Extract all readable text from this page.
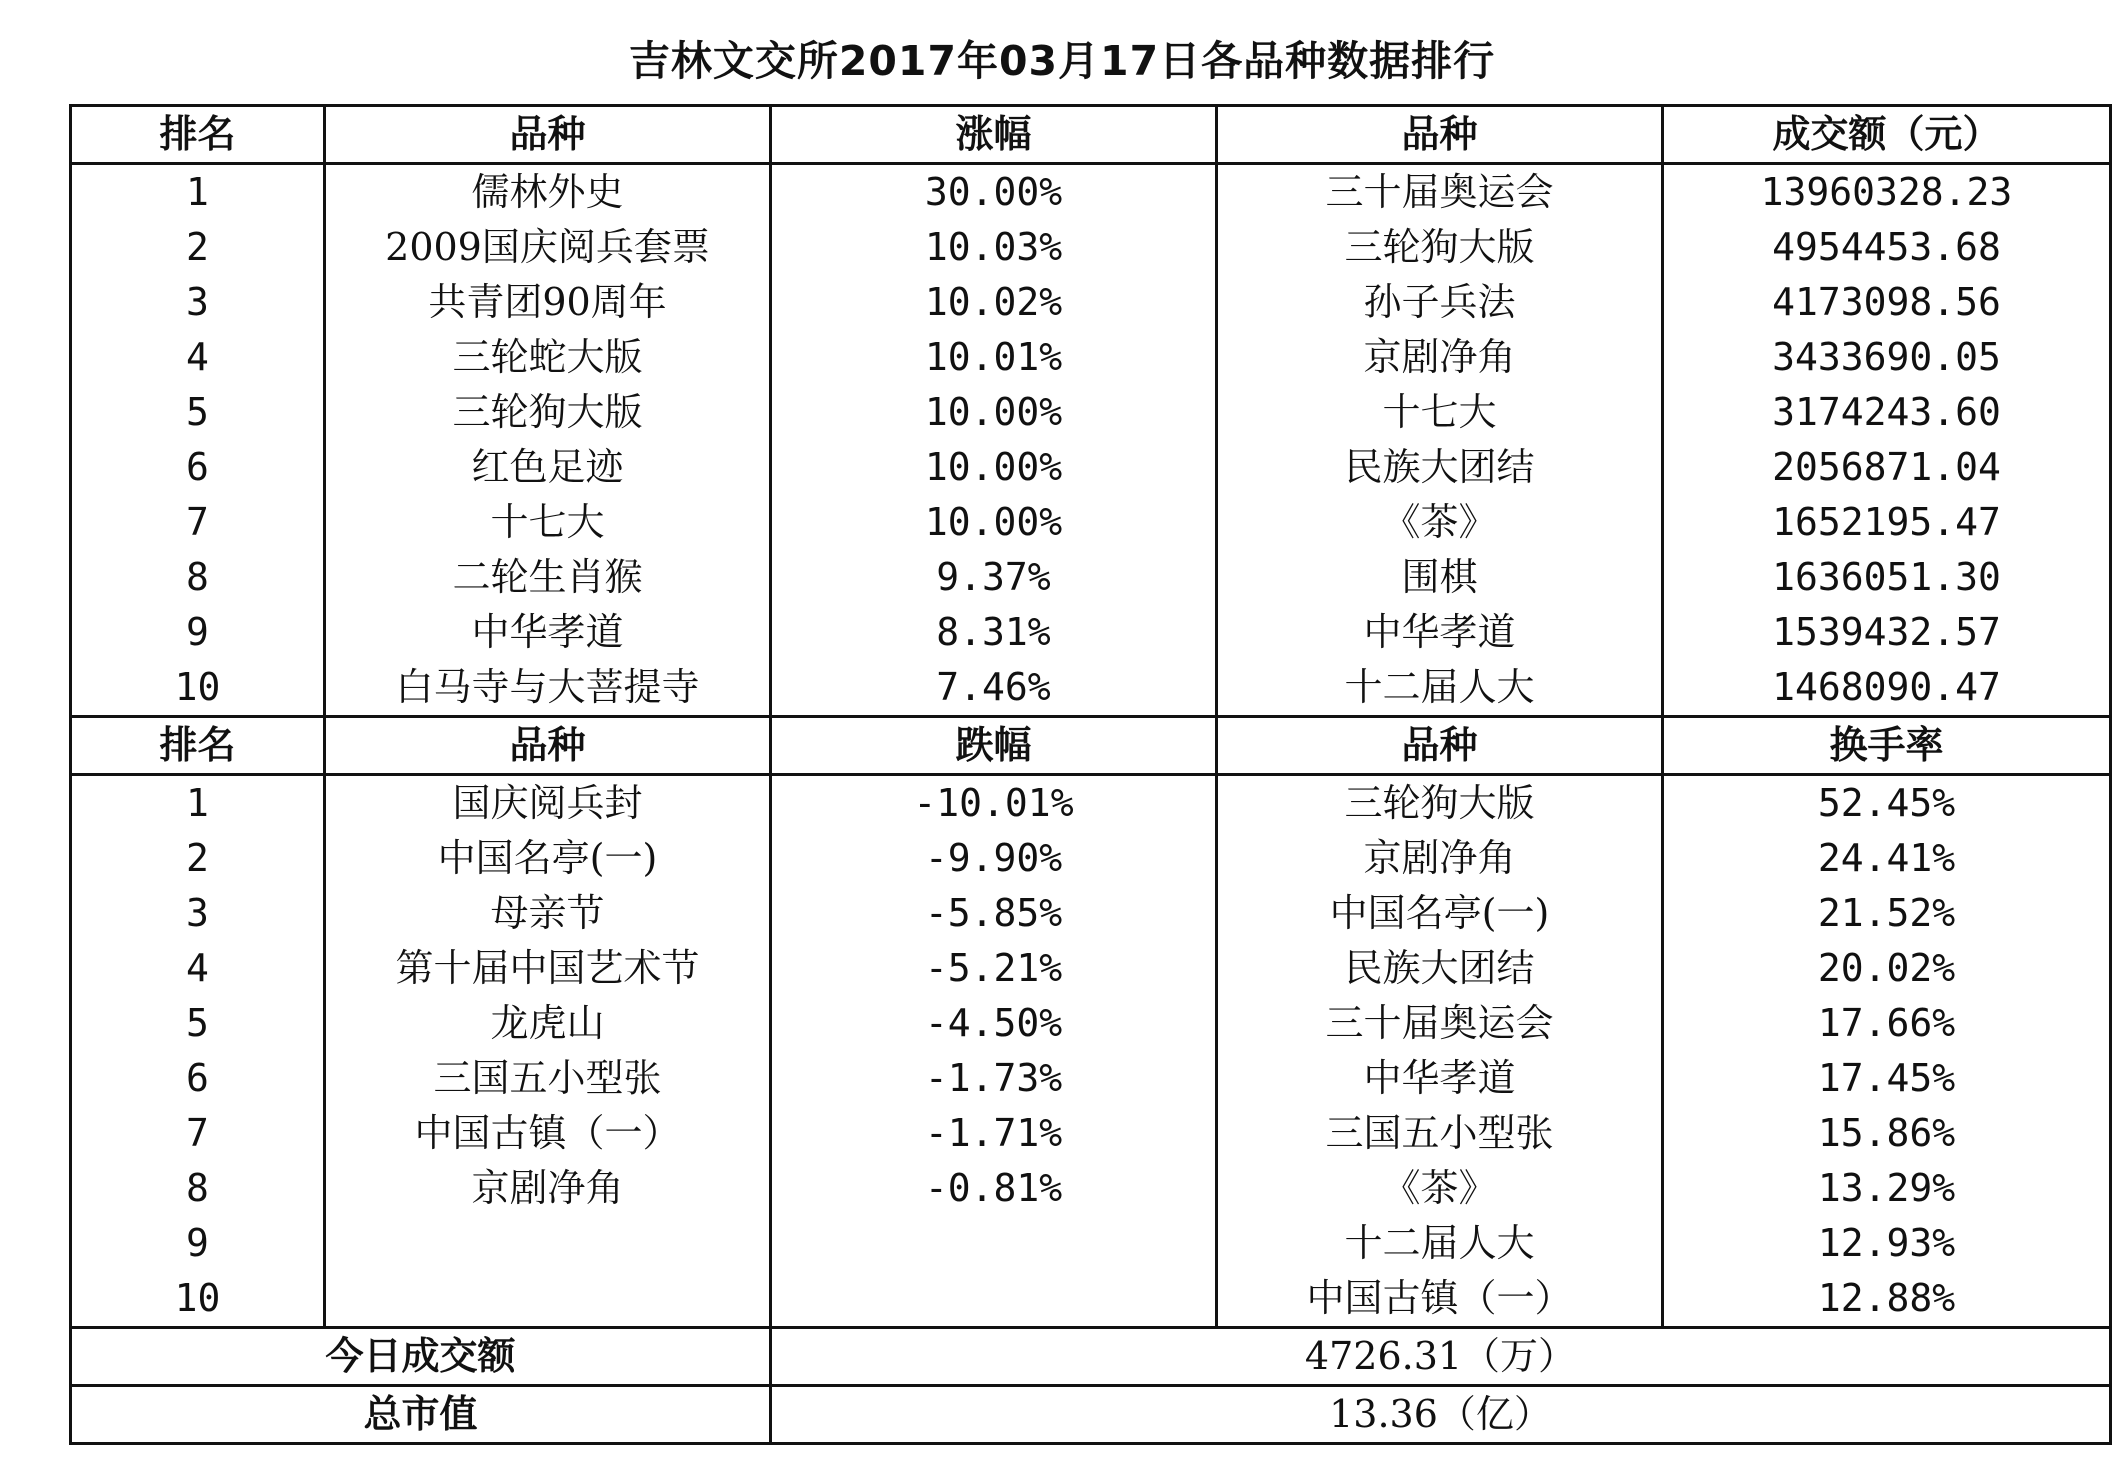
吉林文交所2017年03月17日各品种数据排行
排名	品种	涨幅	品种	成交额（元）
1	儒林外史	30.00%	三十届奥运会	13960328.23
2	2009国庆阅兵套票	10.03%	三轮狗大版	4954453.68
3	共青团90周年	10.02%	孙子兵法	4173098.56
4	三轮蛇大版	10.01%	京剧净角	3433690.05
5	三轮狗大版	10.00%	十七大	3174243.60
6	红色足迹	10.00%	民族大团结	2056871.04
7	十七大	10.00%	《茶》	1652195.47
8	二轮生肖猴	9.37%	围棋	1636051.30
9	中华孝道	8.31%	中华孝道	1539432.57
10	白马寺与大菩提寺	7.46%	十二届人大	1468090.47
排名	品种	跌幅	品种	换手率
1	国庆阅兵封	-10.01%	三轮狗大版	52.45%
2	中国名亭(一)	-9.90%	京剧净角	24.41%
3	母亲节	-5.85%	中国名亭(一)	21.52%
4	第十届中国艺术节	-5.21%	民族大团结	20.02%
5	龙虎山	-4.50%	三十届奥运会	17.66%
6	三国五小型张	-1.73%	中华孝道	17.45%
7	中国古镇（一）	-1.71%	三国五小型张	15.86%
8	京剧净角	-0.81%	《茶》	13.29%
9			十二届人大	12.93%
10			中国古镇（一）	12.88%
今日成交额		4726.31（万）		
总市值		13.36（亿）		
